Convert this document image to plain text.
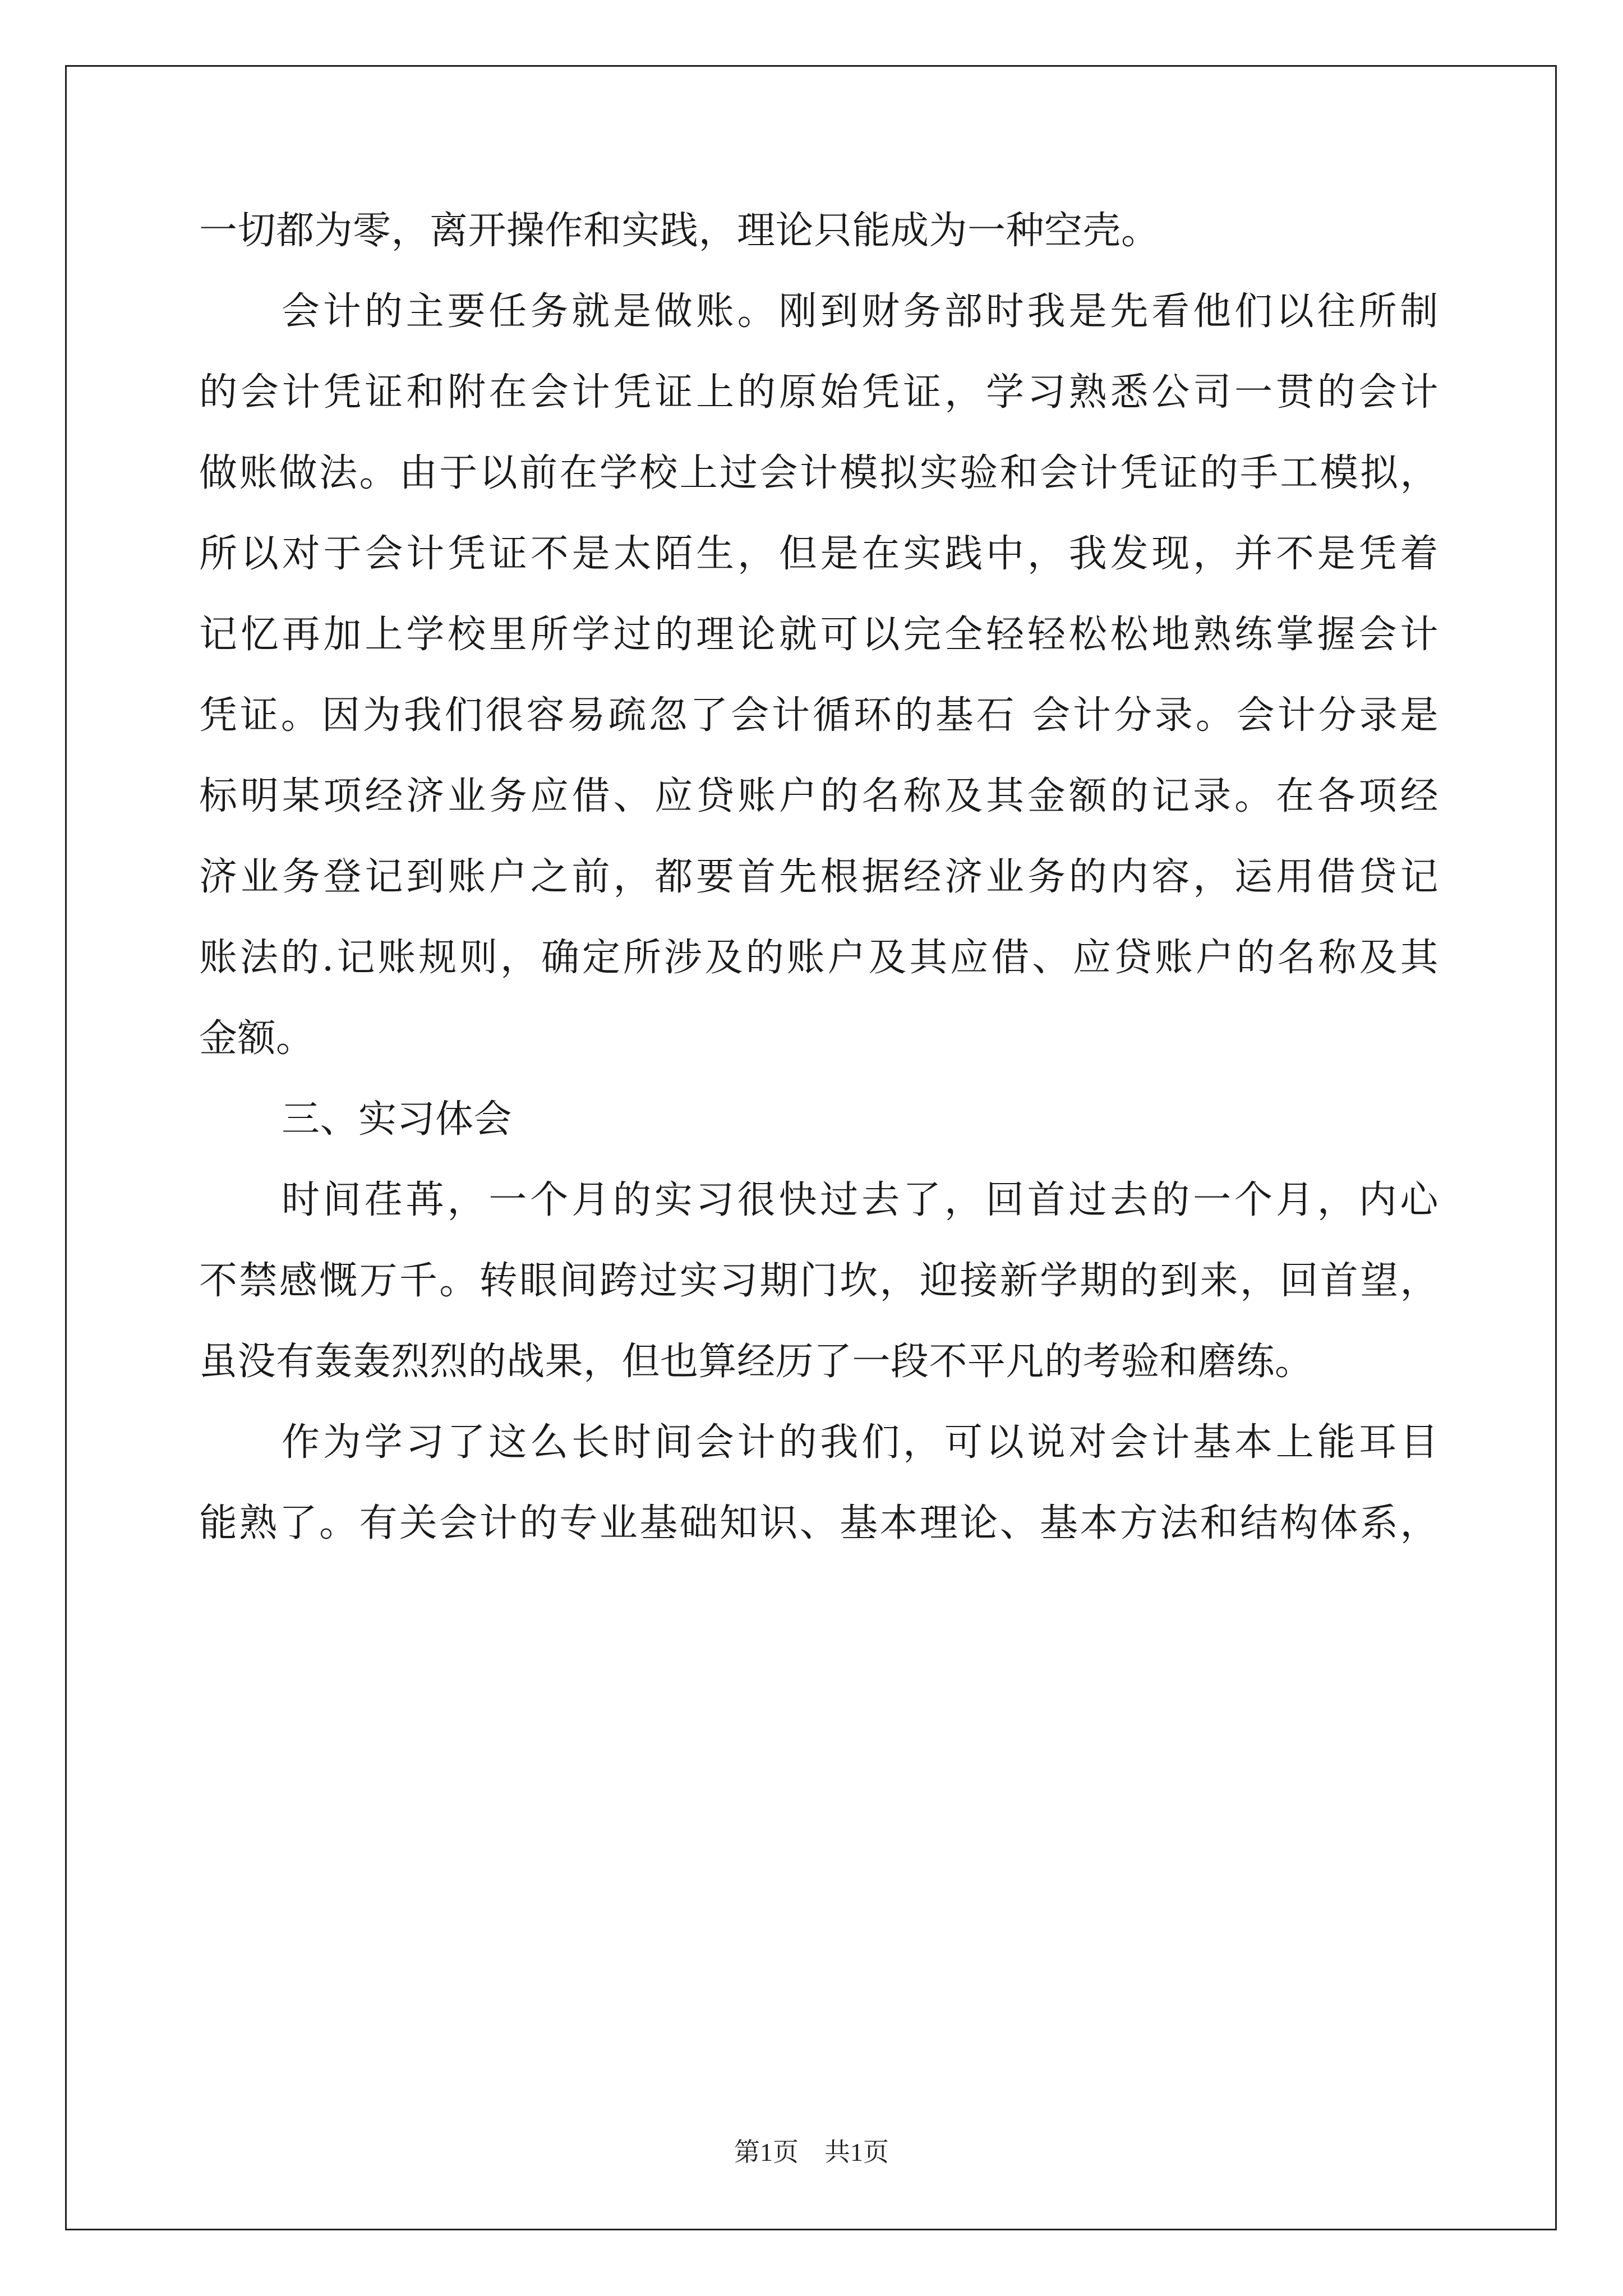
一切都为零，离开操作和实践，理论只能成为一种空壳。
会计的主要任务就是做账。刚到财务部时我是先看他们以往所制
的会计凭证和附在会计凭证上的原始凭证，学习熟悉公司一贯的会计
做账做法。由于以前在学校上过会计模拟实验和会计凭证的手工模拟，
所以对于会计凭证不是太陌生，但是在实践中，我发现，并不是凭着
记忆再加上学校里所学过的理论就可以完全轻轻松松地熟练掌握会计
凭证。因为我们很容易疏忽了会计循环的基石 会计分录。会计分录是
标明某项经济业务应借、应贷账户的名称及其金额的记录。在各项经
济业务登记到账户之前，都要首先根据经济业务的内容，运用借贷记
账法的.记账规则，确定所涉及的账户及其应借、应贷账户的名称及其
金额。
三、实习体会
时间荏苒，一个月的实习很快过去了，回首过去的一个月，内心
不禁感慨万千。转眼间跨过实习期门坎，迎接新学期的到来，回首望，
虽没有轰轰烈烈的战果，但也算经历了一段不平凡的考验和磨练。
作为学习了这么长时间会计的我们，可以说对会计基本上能耳目
能熟了。有关会计的专业基础知识、基本理论、基本方法和结构体系，
第1页　共1页
